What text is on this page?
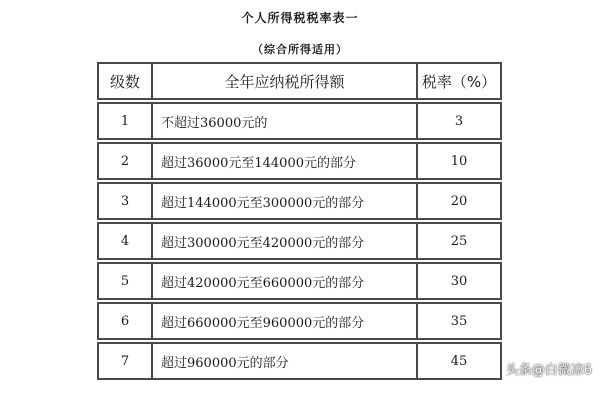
个人所得税税率表一
（综合所得适用）
级数	全年应纳税所得额	税率（%）

1	不超过36000元的	3

2	超过36000元至144000元的部分	10

3	超过144000元至300000元的部分	20

4	超过300000元至420000元的部分	25

5	超过420000元至660000元的部分	30

6	超过660000元至960000元的部分	35

7	超过960000元的部分	45
头条@白微凉6
